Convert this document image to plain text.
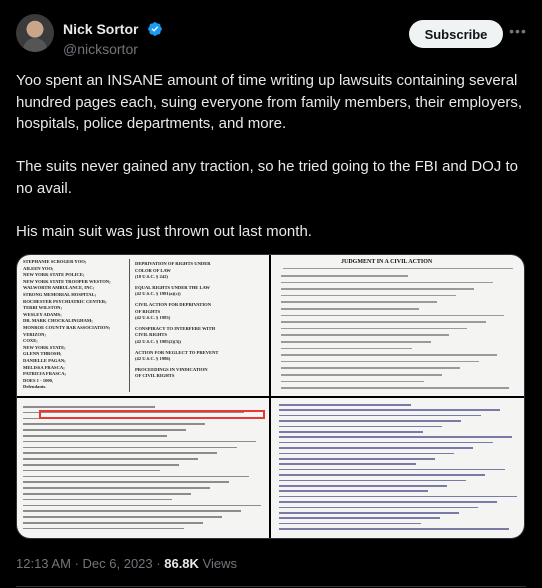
Nick Sortor
@nicksortor
Subscribe	•••

Yoo spent an INSANE amount of time writing up lawsuits containing several hundred pages each, suing everyone from family members, their employers, hospitals, police departments, and more.

The suits never gained any traction, so he tried going to the FBI and DOJ to no avail.

His main suit was just thrown out last month.

STEPHANIE SCROGER YOO;
AILEEN YOO;
NEW YORK STATE POLICE;
NEW YORK STATE TROOPER WESTON;
WALWORTH AMBULANCE, INC;
STRONG MEMORIAL HOSPITAL;
ROCHESTER PSYCHIATRIC CENTER;
TERRI WILSTON;
WESLEY ADAMS;
DR. MARK CHOCKALINGHAM;
MONROE COUNTY BAR ASSOCIATION;
VERIZON;
COXE;
NEW YORK STATE;
GLENN THROSH;
DANIELLE PAGAN;
MELISSA FRASCA;
PATRICIA FRASCA;
DOES 1 - 1000,
Defendants.
DEPRIVATION OF RIGHTS UNDER
COLOR OF LAW
(18 U.S.C. § 242)
EQUAL RIGHTS UNDER THE LAW
(42 U.S.C. § 1981(a)(c))
CIVIL ACTION FOR DEPRIVATION
OF RIGHTS
(42 U.S.C. § 1983)
CONSPIRACY TO INTERFERE WITH
CIVIL RIGHTS
(42 U.S.C. § 1985(2)(3))
ACTION FOR NEGLECT TO PREVENT
(42 U.S.C. § 1986)
PROCEEDINGS IN VINDICATION
OF CIVIL RIGHTS
JUDGMENT IN A CIVIL ACTION
12:13 AM · Dec 6, 2023 · 86.8K Views
